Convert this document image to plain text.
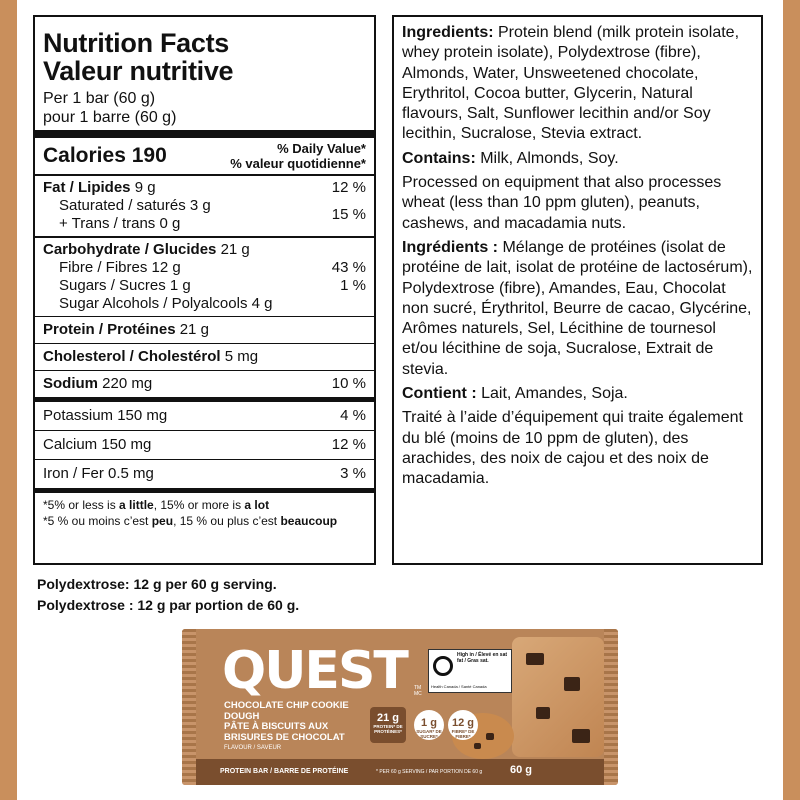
Nutrition Facts
Valeur nutritive
Per 1 bar (60 g)
pour 1 barre (60 g)
Calories 190	% Daily Value*
% valeur quotidienne*
Fat / Lipides 9 g	12 %
Saturated / saturés 3 g
+ Trans / trans 0 g
15 %
Carbohydrate / Glucides 21 g
Fibre / Fibres 12 g	43 %
Sugars / Sucres 1 g	1 %
Sugar Alcohols / Polyalcools 4 g
Protein / Protéines 21 g
Cholesterol / Cholestérol 5 mg
Sodium 220 mg	10 %
Potassium 150 mg	4 %
Calcium 150 mg	12 %
Iron / Fer 0.5 mg	3 %
*5% or less is a little, 15% or more is a lot
*5 % ou moins c’est peu, 15 % ou plus c’est beaucoup

Ingredients: Protein blend (milk protein isolate, whey protein isolate), Polydextrose (fibre), Almonds, Water, Unsweetened chocolate, Erythritol, Cocoa butter, Glycerin, Natural flavours, Salt, Sunflower lecithin and/or Soy lecithin, Sucralose, Stevia extract.

Contains: Milk, Almonds, Soy.

Processed on equipment that also processes wheat (less than 10 ppm gluten), peanuts, cashews, and macadamia nuts.

Ingrédients : Mélange de protéines (isolat de protéine de lait, isolat de protéine de lactosérum), Polydextrose (fibre), Amandes, Eau, Chocolat non sucré, Érythritol, Beurre de cacao, Glycérine, Arômes naturels, Sel, Lécithine de tournesol et/ou lécithine de soja, Sucralose, Extrait de stevia.

Contient : Lait, Amandes, Soja.

Traité à l’aide d’équipement qui traite également du blé (moins de 10 ppm de gluten), des arachides, des noix de cajou et des noix de macadamia.

Polydextrose: 12 g per 60 g serving.
Polydextrose : 12 g par portion de 60 g.
QUEST TM MC
CHOCOLATE CHIP COOKIE DOUGH
PÂTE À BISCUITS AUX BRISURES DE CHOCOLAT
FLAVOUR / SAVEUR
21 g
PROTEIN* DE PROTÉINES*
1 g
SUGAR* DE SUCRE*
12 g
FIBRE* DE FIBRE*
High in / Élevé en sat fat / Gras sat.
Health Canada / Santé Canada
PROTEIN BAR / BARRE DE PROTÉINE	* PER 60 g SERVING / PAR PORTION DE 60 g	60 g
